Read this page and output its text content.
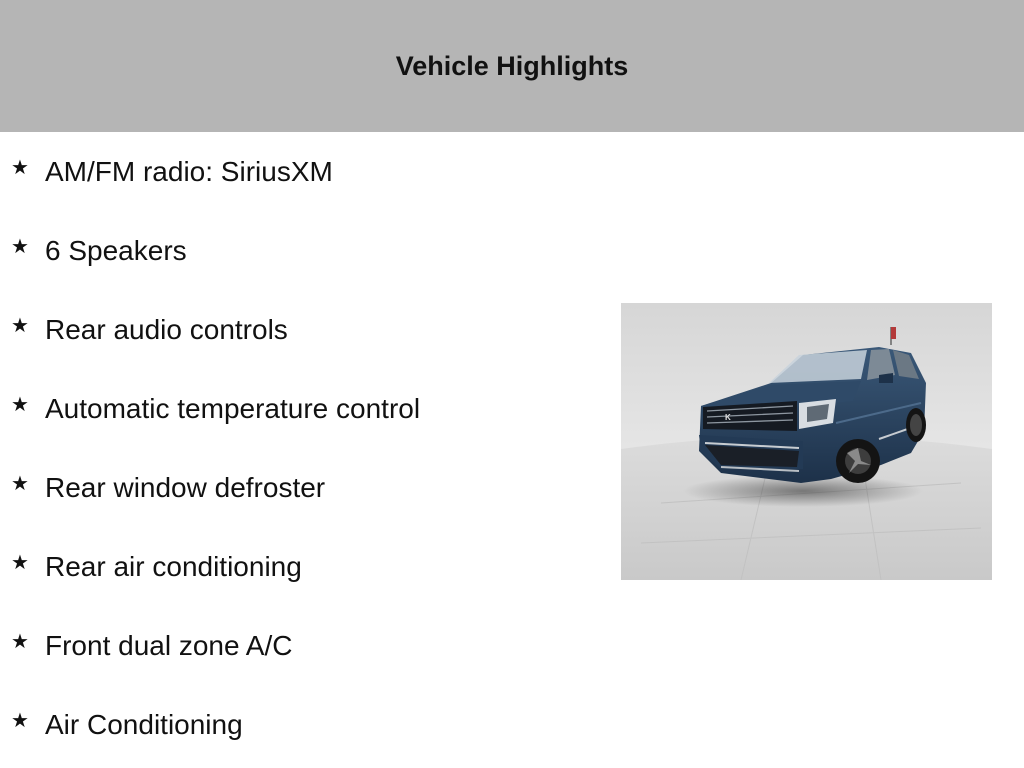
Vehicle Highlights
★ AM/FM radio: SiriusXM
★ 6 Speakers
★ Rear audio controls
★ Automatic temperature control
★ Rear window defroster
★ Rear air conditioning
★ Front dual zone A/C
★ Air Conditioning
K
